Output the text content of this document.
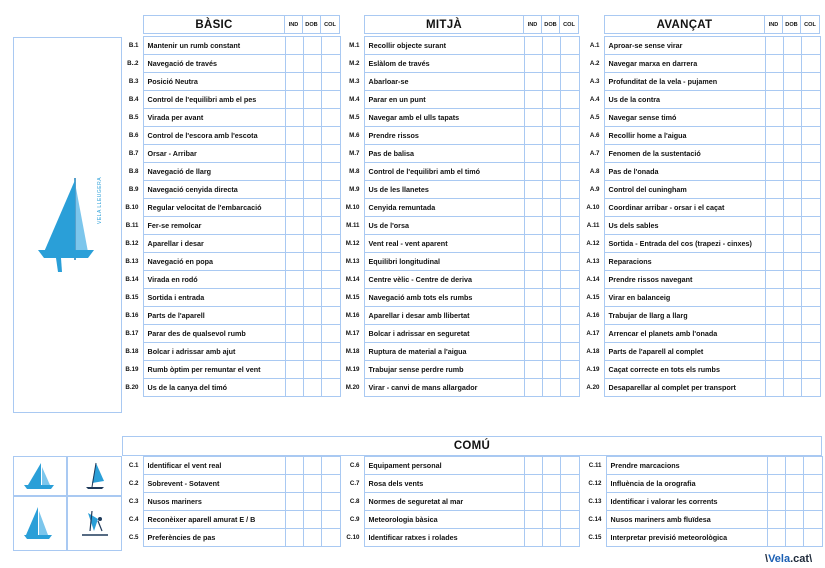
BÀSIC	IND	DOB	COL	MITJÀ	IND	DOB	COL	AVANÇAT	IND	DOB	COL
VELA LLEUGERA
B.1	Mantenir un rumb constant			
B..2	Navegació de través			
B.3	Posició Neutra			
B.4	Control de l'equilibri amb el pes			
B.5	Virada per avant			
B.6	Control de l'escora amb l'escota			
B.7	Orsar - Arribar			
B.8	Navegació de llarg			
B.9	Navegació cenyida directa			
B.10	Regular velocitat de l'embarcació			
B.11	Fer-se remolcar			
B.12	Aparellar i desar			
B.13	Navegació en popa			
B.14	Virada en rodó			
B.15	Sortida i entrada			
B.16	Parts de l'aparell			
B.17	Parar des de qualsevol rumb			
B.18	Bolcar i adrissar amb ajut			
B.19	Rumb òptim per remuntar el vent			
B.20	Us de la canya del timó			
M.1	Recollir objecte surant			
M.2	Eslàlom de través			
M.3	Abarloar-se			
M.4	Parar en un punt			
M.5	Navegar amb el ulls tapats			
M.6	Prendre rissos			
M.7	Pas de balisa			
M.8	Control de l'equilibri amb el timó			
M.9	Us de les llanetes			
M.10	Cenyida remuntada			
M.11	Us de l'orsa			
M.12	Vent real - vent aparent			
M.13	Equilibri longitudinal			
M.14	Centre vèlic - Centre de deriva			
M.15	Navegació amb tots els rumbs			
M.16	Aparellar i desar amb llibertat			
M.17	Bolcar i adrissar en seguretat			
M.18	Ruptura de material a l'aigua			
M.19	Trabujar sense perdre rumb			
M.20	Virar - canvi de mans allargador			
A.1	Aproar-se sense virar			
A.2	Navegar marxa en darrera			
A.3	Profunditat de la vela - pujamen			
A.4	Us de la contra			
A.5	Navegar sense timó			
A.6	Recollir home a l'aigua			
A.7	Fenomen de la sustentació			
A.8	Pas de l'onada			
A.9	Control del cuningham			
A.10	Coordinar arribar - orsar i el caçat			
A.11	Us dels sables			
A.12	Sortida - Entrada del cos (trapezi - cinxes)			
A.13	Reparacions			
A.14	Prendre rissos navegant			
A.15	Virar en balanceig			
A.16	Trabujar de llarg a llarg			
A.17	Arrencar el planets amb l'onada			
A.18	Parts de l'aparell al complet			
A.19	Caçat correcte en tots els rumbs			
A.20	Desaparellar al complet per transport			
COMÚ
C.1	Identificar el vent real			
C.2	Sobrevent - Sotavent			
C.3	Nusos mariners			
C.4	Reconèixer aparell amurat E / B			
C.5	Preferències de pas			
C.6	Equipament personal			
C.7	Rosa dels vents			
C.8	Normes de seguretat al mar			
C.9	Meteorologia bàsica			
C.10	Identificar ratxes i rolades			
C.11	Prendre marcacions			
C.12	Influència de la orografia			
C.13	Identificar i valorar les corrents			
C.14	Nusos mariners amb fluïdesa			
C.15	Interpretar previsió meteorològica			
\Vela.cat\
